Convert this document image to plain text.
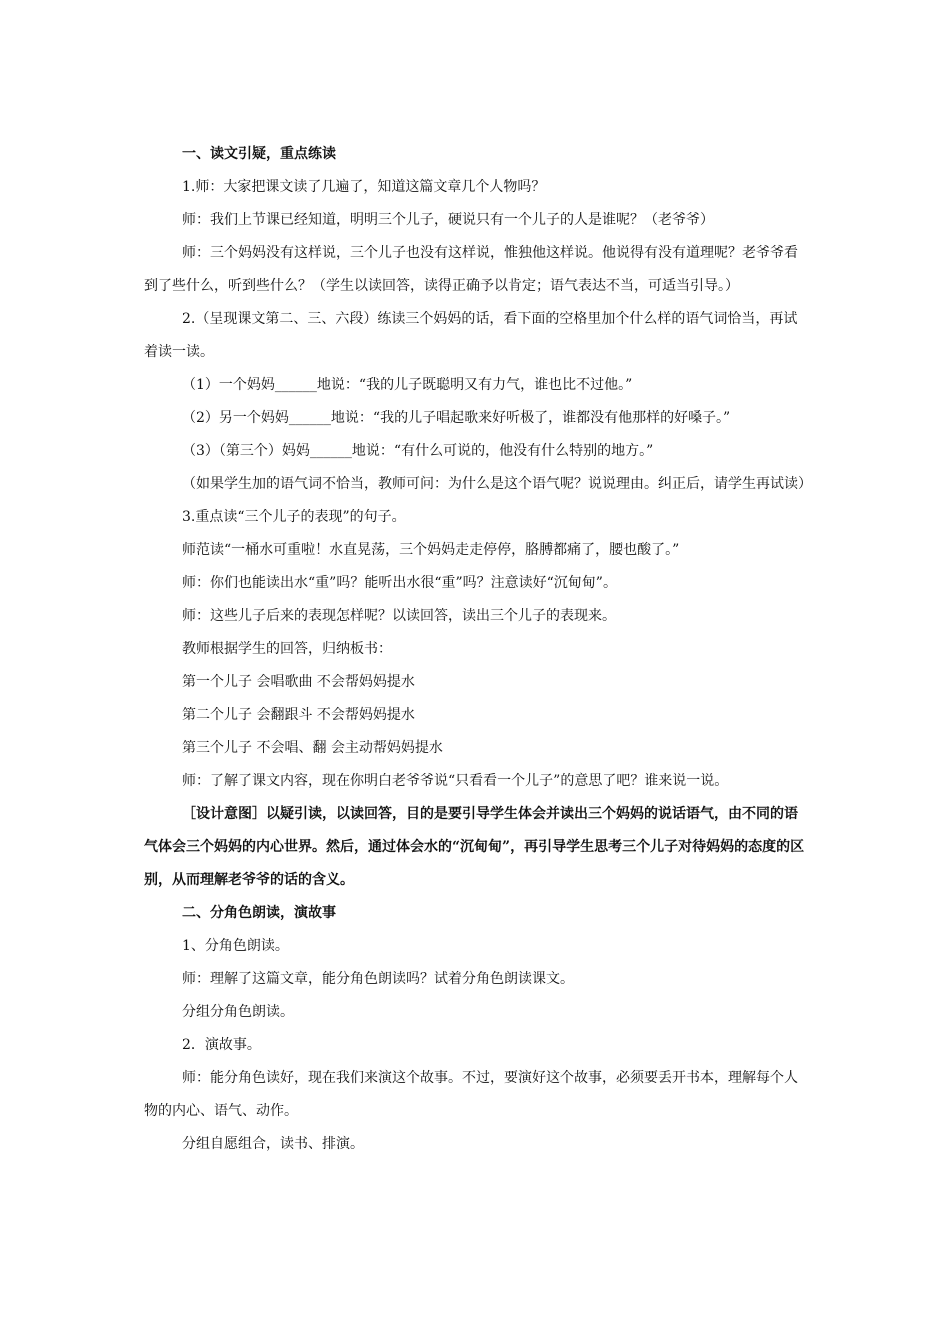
一、读文引疑，重点练读

1.师：大家把课文读了几遍了，知道这篇文章几个人物吗？

师：我们上节课已经知道，明明三个儿子，硬说只有一个儿子的人是谁呢？（老爷爷）

师：三个妈妈没有这样说，三个儿子也没有这样说，惟独他这样说。他说得有没有道理呢？老爷爷看到了些什么，听到些什么？（学生以读回答，读得正确予以肯定；语气表达不当，可适当引导。）

2.（呈现课文第二、三、六段）练读三个妈妈的话，看下面的空格里加个什么样的语气词恰当，再试着读一读。

（1）一个妈妈______地说：“我的儿子既聪明又有力气，谁也比不过他。”

（2）另一个妈妈______地说：“我的儿子唱起歌来好听极了，谁都没有他那样的好嗓子。”

（3）（第三个）妈妈______地说：“有什么可说的，他没有什么特别的地方。”

（如果学生加的语气词不恰当，教师可问：为什么是这个语气呢？说说理由。纠正后，请学生再试读）

3.重点读“三个儿子的表现”的句子。

师范读“一桶水可重啦！水直晃荡，三个妈妈走走停停，胳膊都痛了，腰也酸了。”

师：你们也能读出水“重”吗？能听出水很“重”吗？注意读好“沉甸甸”。

师：这些儿子后来的表现怎样呢？以读回答，读出三个儿子的表现来。

教师根据学生的回答，归纳板书：

第一个儿子 会唱歌曲 不会帮妈妈提水

第二个儿子 会翻跟斗 不会帮妈妈提水

第三个儿子 不会唱、翻 会主动帮妈妈提水

师：了解了课文内容，现在你明白老爷爷说“只看看一个儿子”的意思了吧？谁来说一说。

［设计意图］以疑引读，以读回答，目的是要引导学生体会并读出三个妈妈的说话语气，由不同的语气体会三个妈妈的内心世界。然后，通过体会水的“沉甸甸”，再引导学生思考三个儿子对待妈妈的态度的区别，从而理解老爷爷的话的含义。

二、分角色朗读，演故事

1、分角色朗读。

师：理解了这篇文章，能分角色朗读吗？试着分角色朗读课文。

分组分角色朗读。

2．演故事。

师：能分角色读好，现在我们来演这个故事。不过，要演好这个故事，必须要丢开书本，理解每个人物的内心、语气、动作。

分组自愿组合，读书、排演。
